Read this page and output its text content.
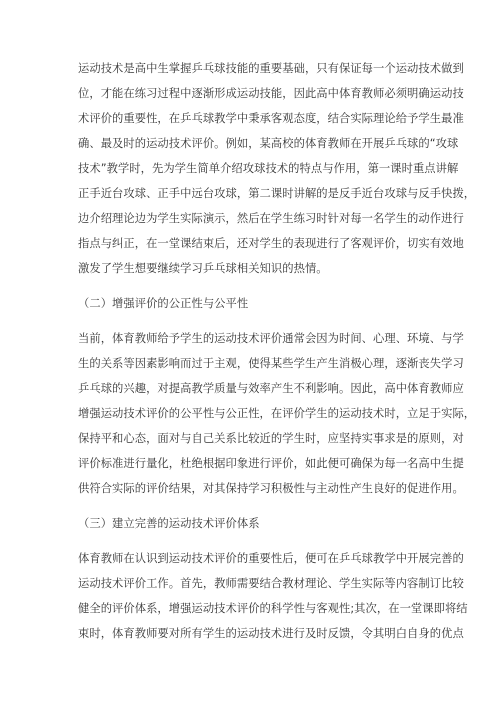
运动技术是高中生掌握乒乓球技能的重要基础，只有保证每一个运动技术做到
位，才能在练习过程中逐渐形成运动技能，因此高中体育教师必须明确运动技
术评价的重要性，在乒乓球教学中秉承客观态度，结合实际理论给予学生最准
确、最及时的运动技术评价。例如，某高校的体育教师在开展乒乓球的“攻球
技术”教学时，先为学生简单介绍攻球技术的特点与作用，第一课时重点讲解
正手近台攻球、正手中远台攻球，第二课时讲解的是反手近台攻球与反手快拨，
边介绍理论边为学生实际演示，然后在学生练习时针对每一名学生的动作进行
指点与纠正，在一堂课结束后，还对学生的表现进行了客观评价，切实有效地
激发了学生想要继续学习乒乓球相关知识的热情。
（二）增强评价的公正性与公平性
当前，体育教师给予学生的运动技术评价通常会因为时间、心理、环境、与学
生的关系等因素影响而过于主观，使得某些学生产生消极心理，逐渐丧失学习
乒乓球的兴趣，对提高教学质量与效率产生不利影响。因此，高中体育教师应
增强运动技术评价的公平性与公正性，在评价学生的运动技术时，立足于实际，
保持平和心态，面对与自己关系比较近的学生时，应坚持实事求是的原则，对
评价标准进行量化，杜绝根据印象进行评价，如此便可确保为每一名高中生提
供符合实际的评价结果，对其保持学习积极性与主动性产生良好的促进作用。
（三）建立完善的运动技术评价体系
体育教师在认识到运动技术评价的重要性后，便可在乒乓球教学中开展完善的
运动技术评价工作。首先，教师需要结合教材理论、学生实际等内容制订比较
健全的评价体系，增强运动技术评价的科学性与客观性;其次，在一堂课即将结
束时，体育教师要对所有学生的运动技术进行及时反馈，令其明白自身的优点
